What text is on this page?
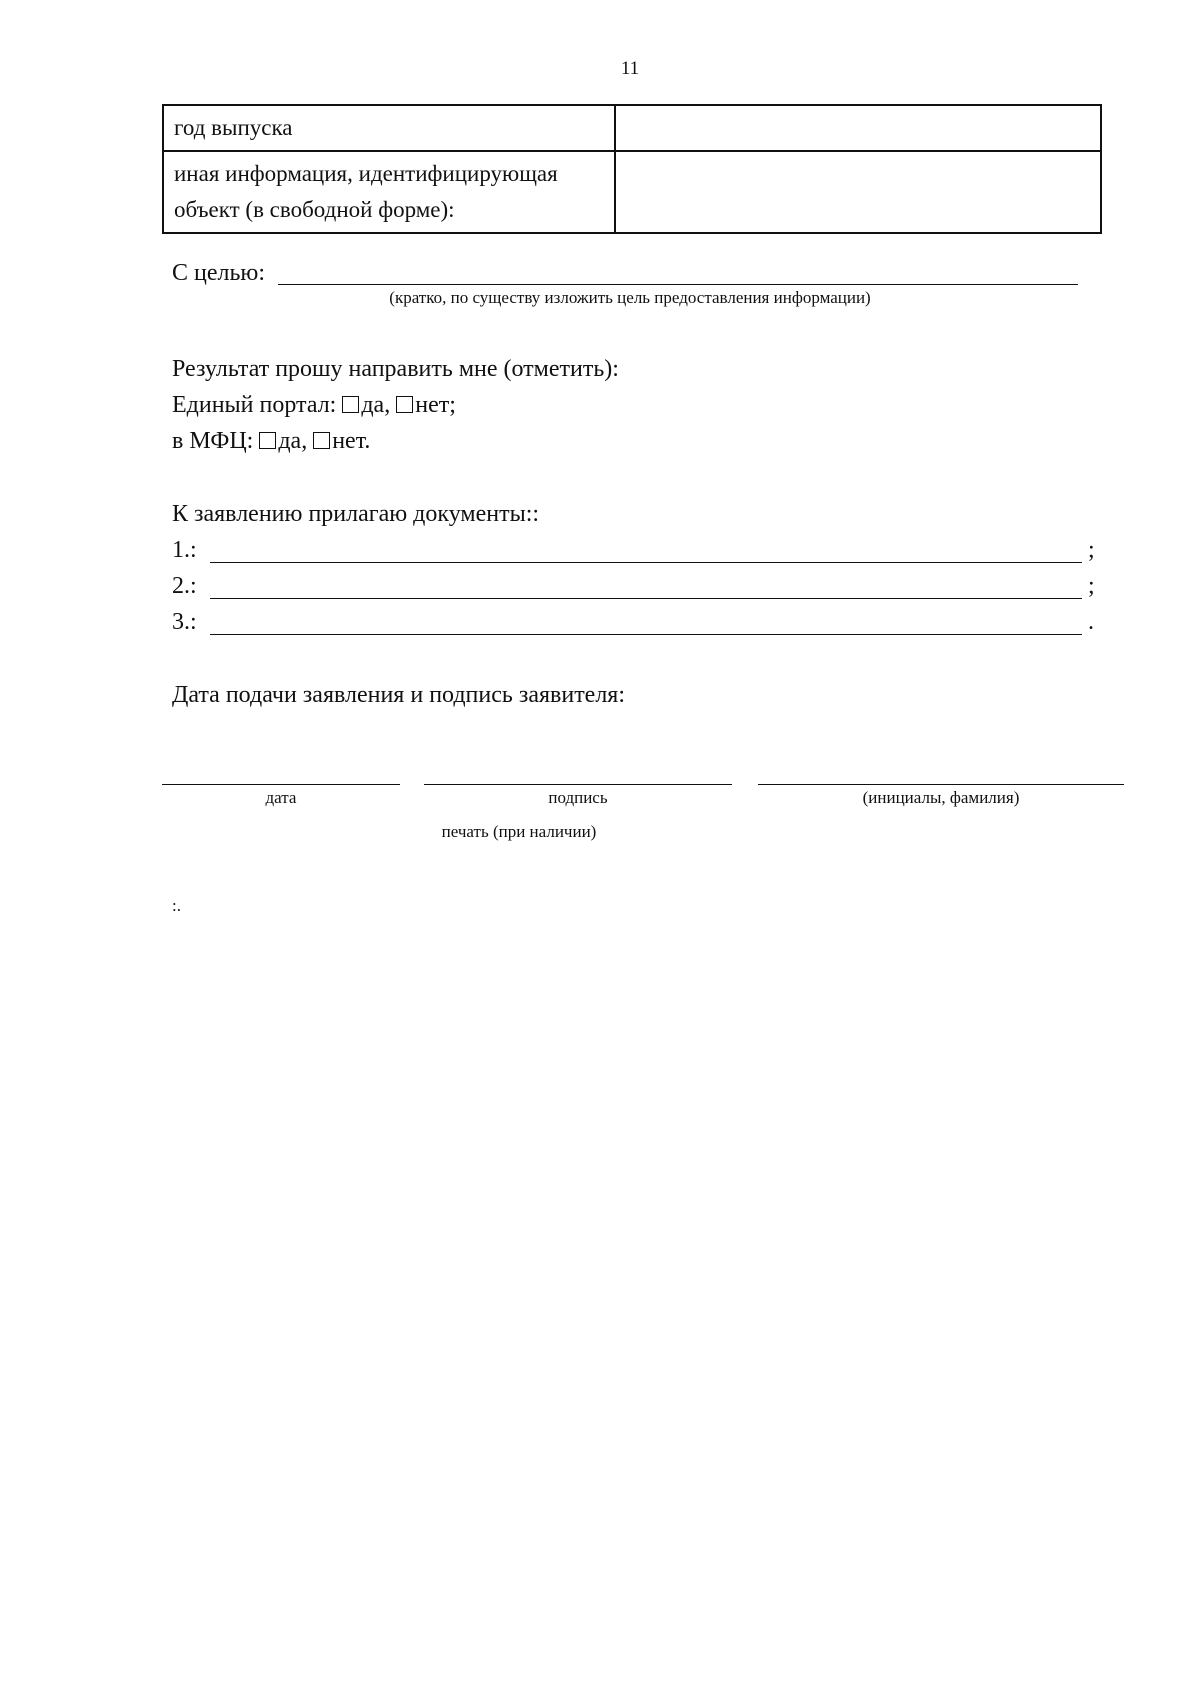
11
год выпуска	
иная информация, идентифицирующая объект (в свободной форме):	
С целью:
(кратко, по существу изложить цель предоставления информации)
Результат прошу направить мне (отметить):
Единый портал: да, нет;
в МФЦ: да, нет.
К заявлению прилагаю документы::
1.:	;
2.:	;
3.:	.
Дата подачи заявления и подпись заявителя:
дата	подпись	(инициалы, фамилия)
печать (при наличии)
:.
